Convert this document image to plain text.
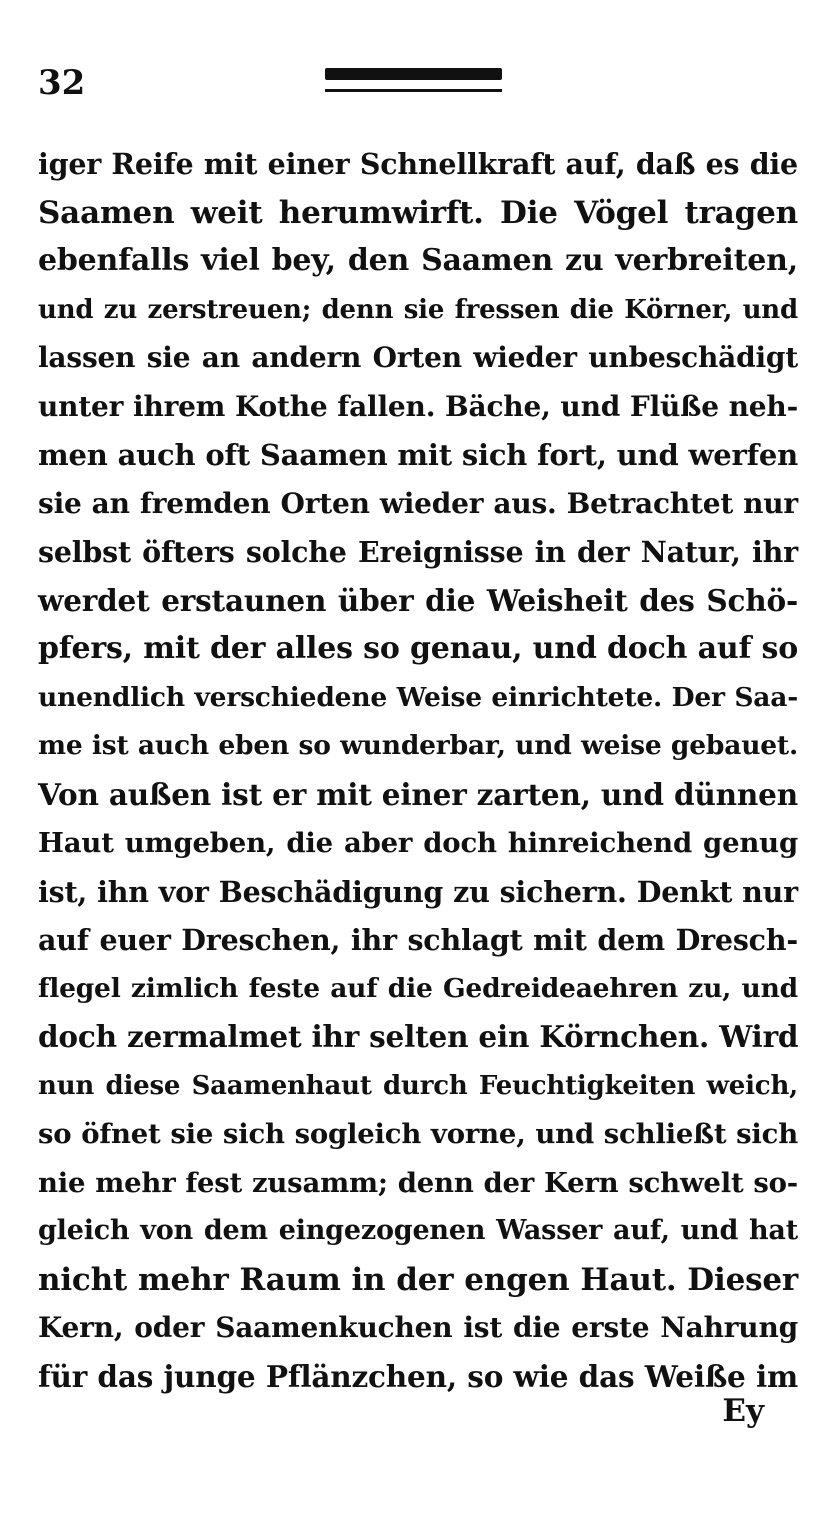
32
iger Reife mit einer Schnellkraft auf, daß es die
Saamen weit herumwirft. Die Vögel tragen
ebenfalls viel bey, den Saamen zu verbreiten,
und zu zerstreuen; denn sie fressen die Körner, und
lassen sie an andern Orten wieder unbeschädigt
unter ihrem Kothe fallen. Bäche, und Flüße neh-
men auch oft Saamen mit sich fort, und werfen
sie an fremden Orten wieder aus. Betrachtet nur
selbst öfters solche Ereignisse in der Natur, ihr
werdet erstaunen über die Weisheit des Schö-
pfers, mit der alles so genau, und doch auf so
unendlich verschiedene Weise einrichtete. Der Saa-
me ist auch eben so wunderbar, und weise gebauet.
Von außen ist er mit einer zarten, und dünnen
Haut umgeben, die aber doch hinreichend genug
ist, ihn vor Beschädigung zu sichern. Denkt nur
auf euer Dreschen, ihr schlagt mit dem Dresch-
flegel zimlich feste auf die Gedreideaehren zu, und
doch zermalmet ihr selten ein Körnchen. Wird
nun diese Saamenhaut durch Feuchtigkeiten weich,
so öfnet sie sich sogleich vorne, und schließt sich
nie mehr fest zusamm; denn der Kern schwelt so-
gleich von dem eingezogenen Wasser auf, und hat
nicht mehr Raum in der engen Haut. Dieser
Kern, oder Saamenkuchen ist die erste Nahrung
für das junge Pflänzchen, so wie das Weiße im
Ey
